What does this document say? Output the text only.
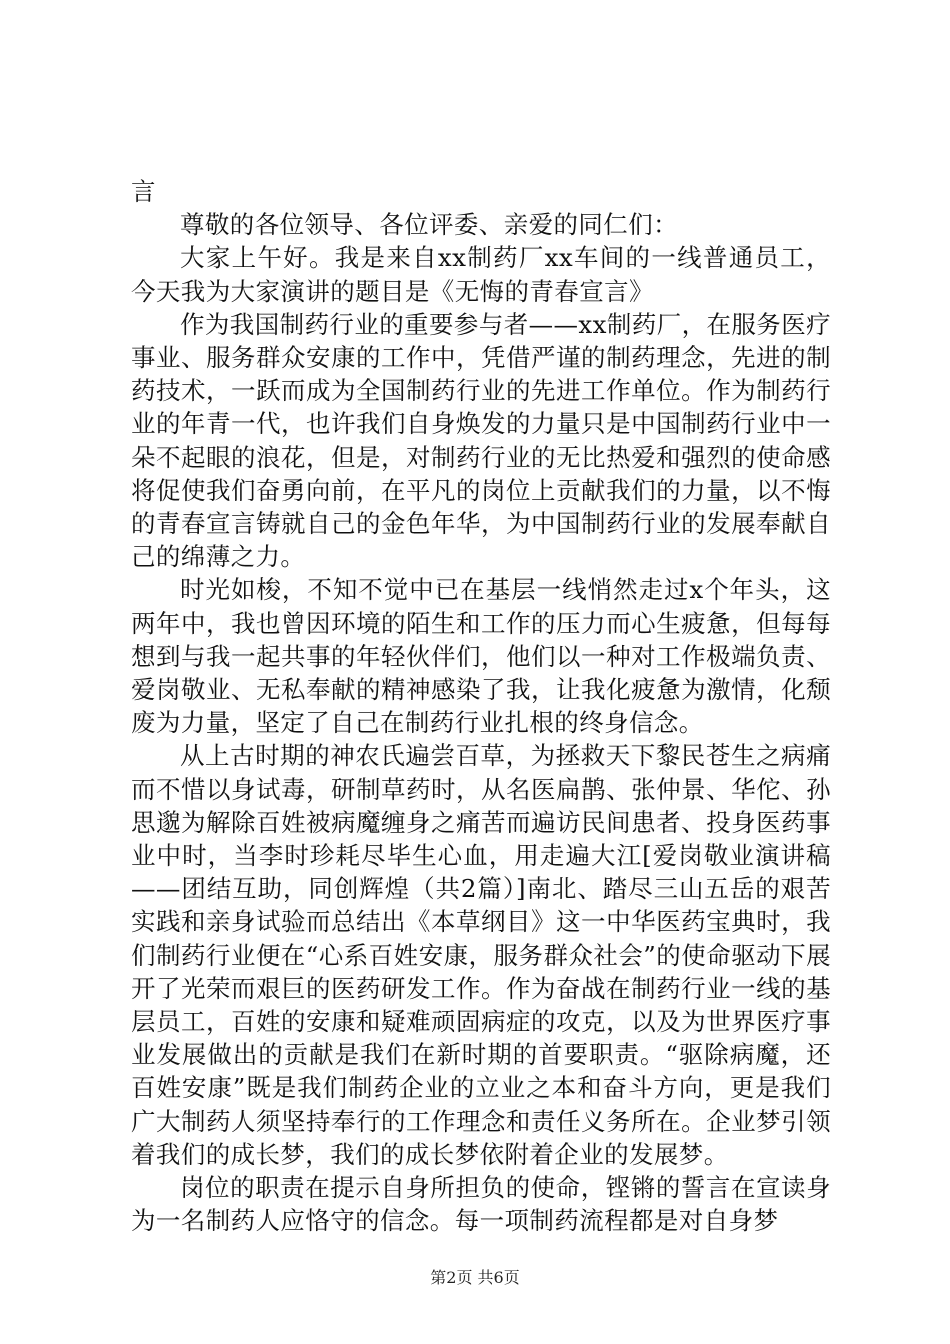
言

尊敬的各位领导、各位评委、亲爱的同仁们：

大家上午好。我是来自xx制药厂xx车间的一线普通员工，今天我为大家演讲的题目是《无悔的青春宣言》

作为我国制药行业的重要参与者——xx制药厂，在服务医疗事业、服务群众安康的工作中，凭借严谨的制药理念，先进的制药技术，一跃而成为全国制药行业的先进工作单位。作为制药行业的年青一代，也许我们自身焕发的力量只是中国制药行业中一朵不起眼的浪花，但是，对制药行业的无比热爱和强烈的使命感将促使我们奋勇向前，在平凡的岗位上贡献我们的力量，以不悔的青春宣言铸就自己的金色年华，为中国制药行业的发展奉献自己的绵薄之力。

时光如梭，不知不觉中已在基层一线悄然走过x个年头，这两年中，我也曾因环境的陌生和工作的压力而心生疲惫，但每每想到与我一起共事的年轻伙伴们，他们以一种对工作极端负责、爱岗敬业、无私奉献的精神感染了我，让我化疲惫为激情，化颓废为力量，坚定了自己在制药行业扎根的终身信念。

从上古时期的神农氏遍尝百草，为拯救天下黎民苍生之病痛而不惜以身试毒，研制草药时，从名医扁鹊、张仲景、华佗、孙思邈为解除百姓被病魔缠身之痛苦而遍访民间患者、投身医药事业中时，当李时珍耗尽毕生心血，用走遍大江[爱岗敬业演讲稿——团结互助，同创辉煌（共2篇）]南北、踏尽三山五岳的艰苦实践和亲身试验而总结出《本草纲目》这一中华医药宝典时，我们制药行业便在“心系百姓安康，服务群众社会”的使命驱动下展开了光荣而艰巨的医药研发工作。作为奋战在制药行业一线的基层员工，百姓的安康和疑难顽固病症的攻克，以及为世界医疗事业发展做出的贡献是我们在新时期的首要职责。“驱除病魔，还百姓安康”既是我们制药企业的立业之本和奋斗方向，更是我们广大制药人须坚持奉行的工作理念和责任义务所在。企业梦引领着我们的成长梦，我们的成长梦依附着企业的发展梦。

岗位的职责在提示自身所担负的使命，铿锵的誓言在宣读身为一名制药人应恪守的信念。每一项制药流程都是对自身梦

第2页 共6页
